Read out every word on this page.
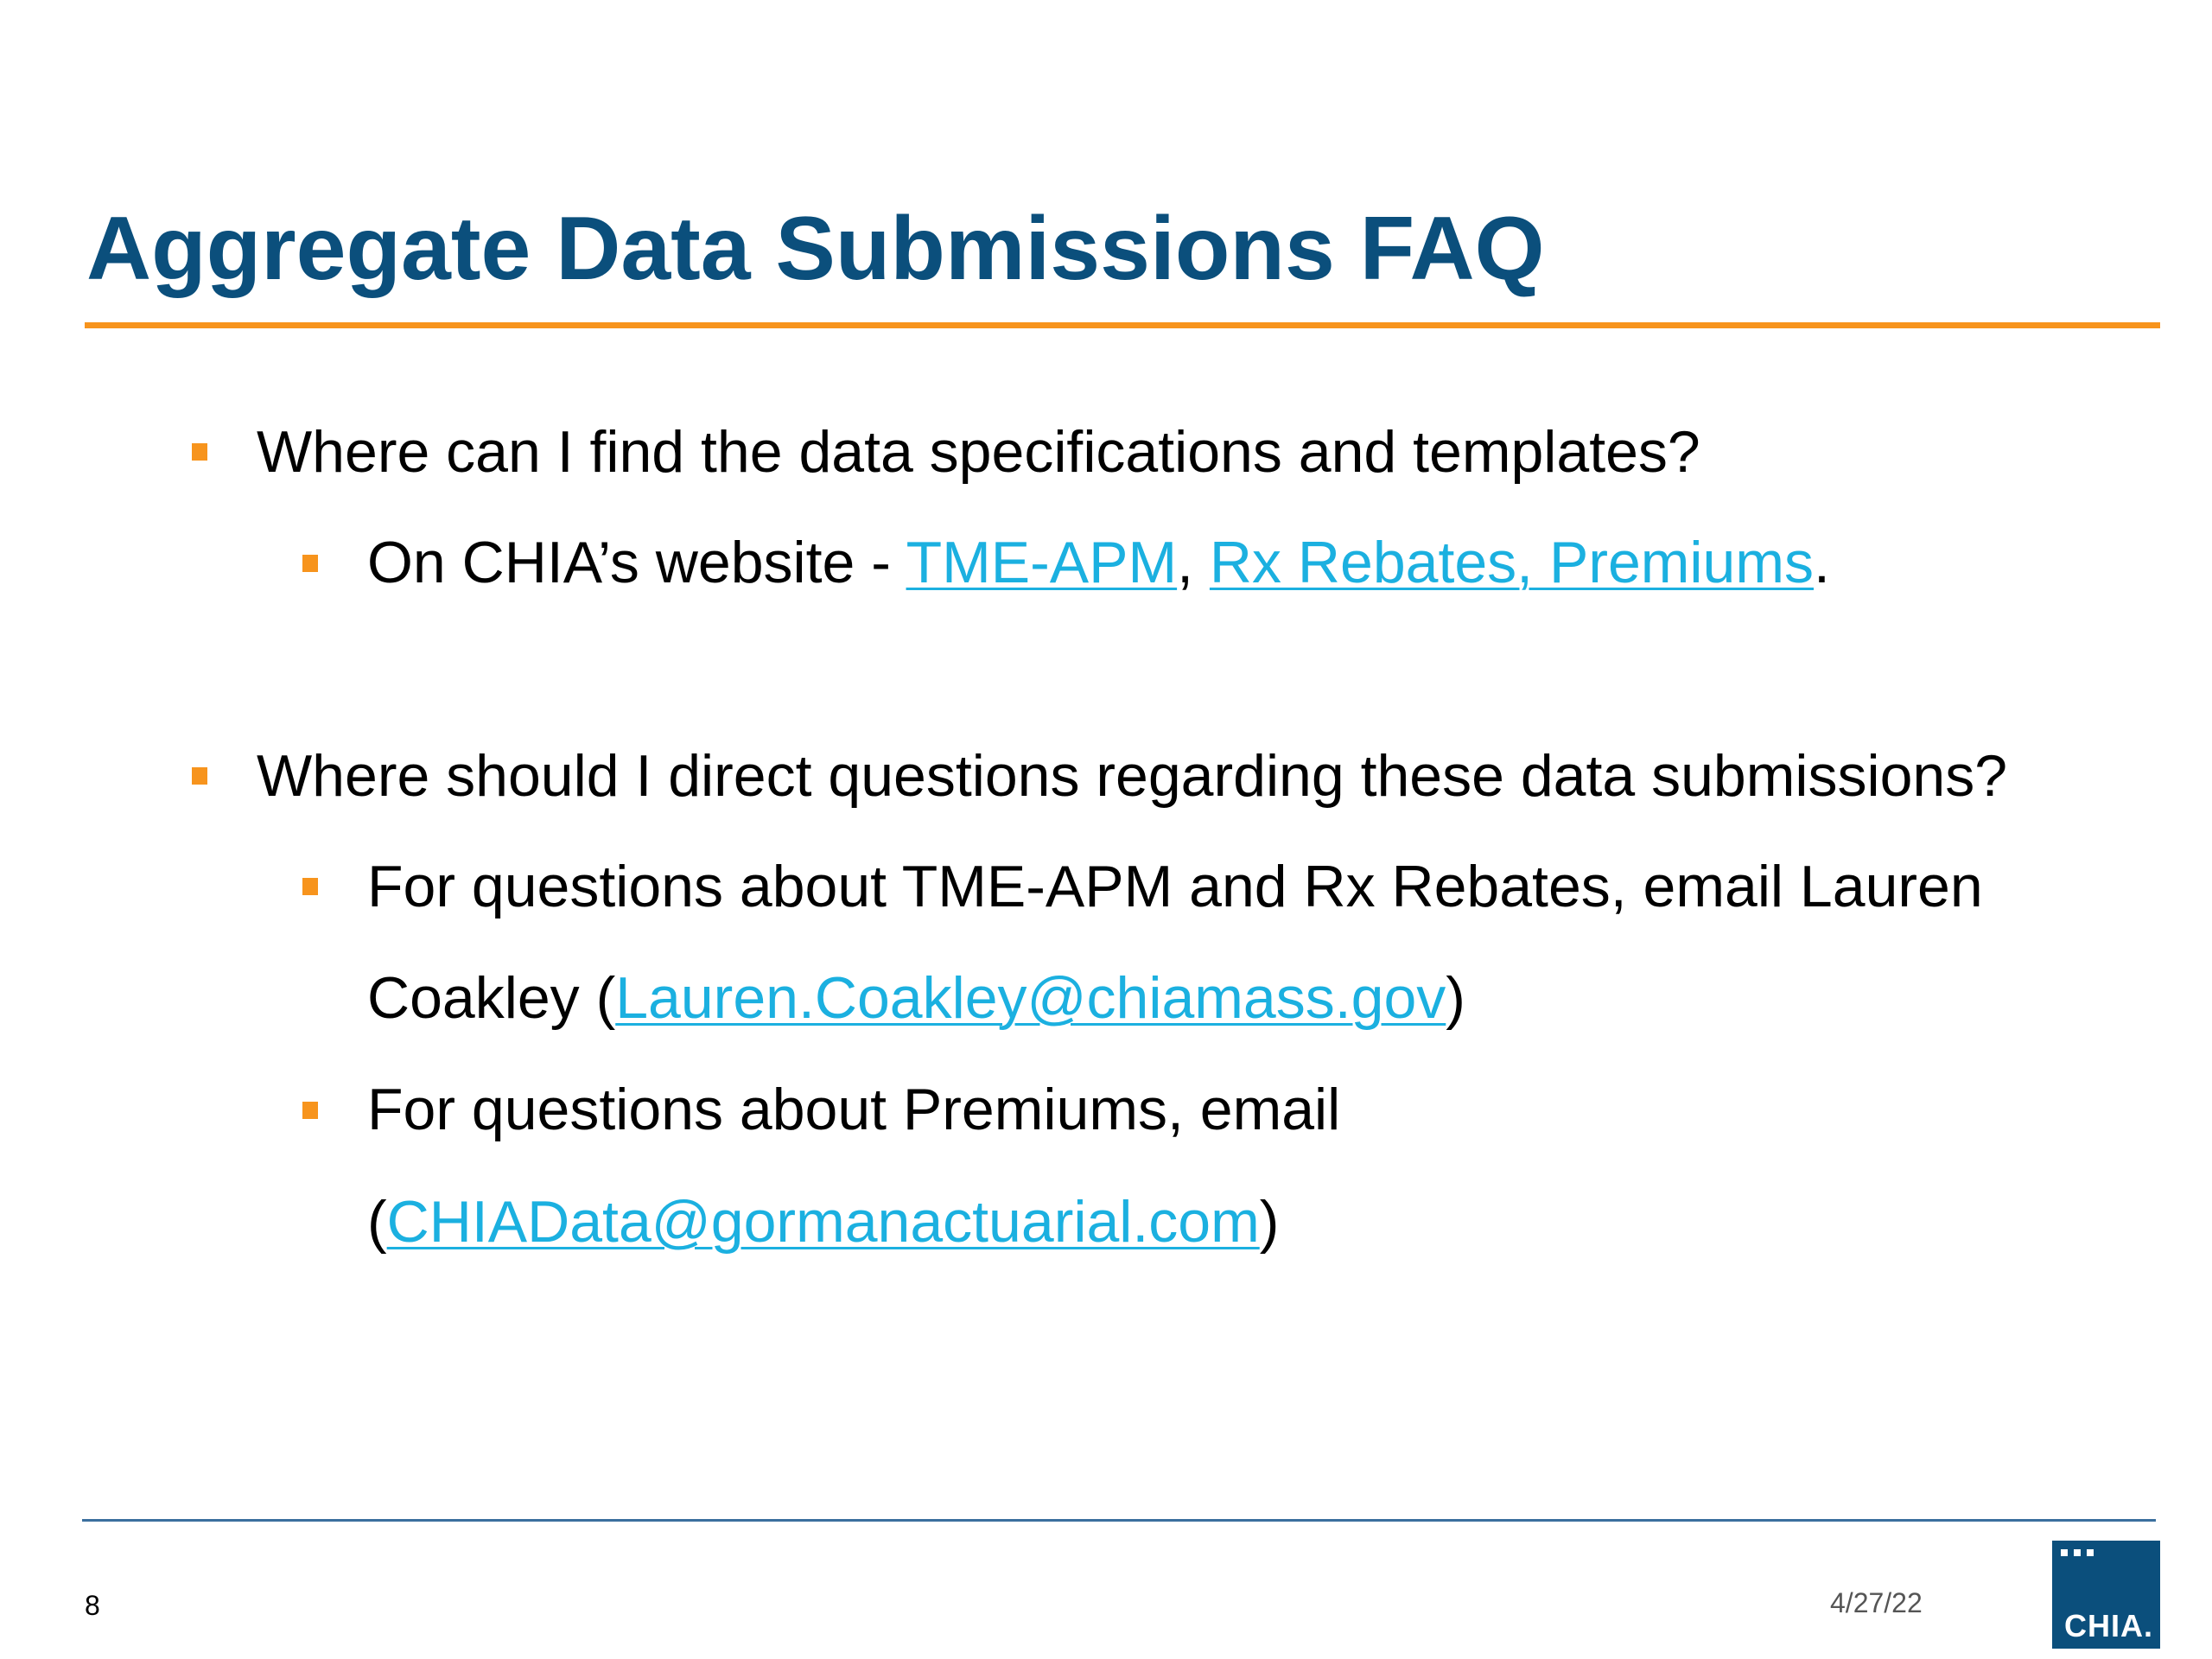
Aggregate Data Submissions FAQ
Where can I find the data specifications and templates?
On CHIA’s website - TME-APM, Rx Rebates, Premiums.
Where should I direct questions regarding these data submissions?
For questions about TME-APM and Rx Rebates, email Lauren
Coakley (Lauren.Coakley@chiamass.gov)
For questions about Premiums, email
(CHIAData@gormanactuarial.com)
8	4/27/22
CHIA.
